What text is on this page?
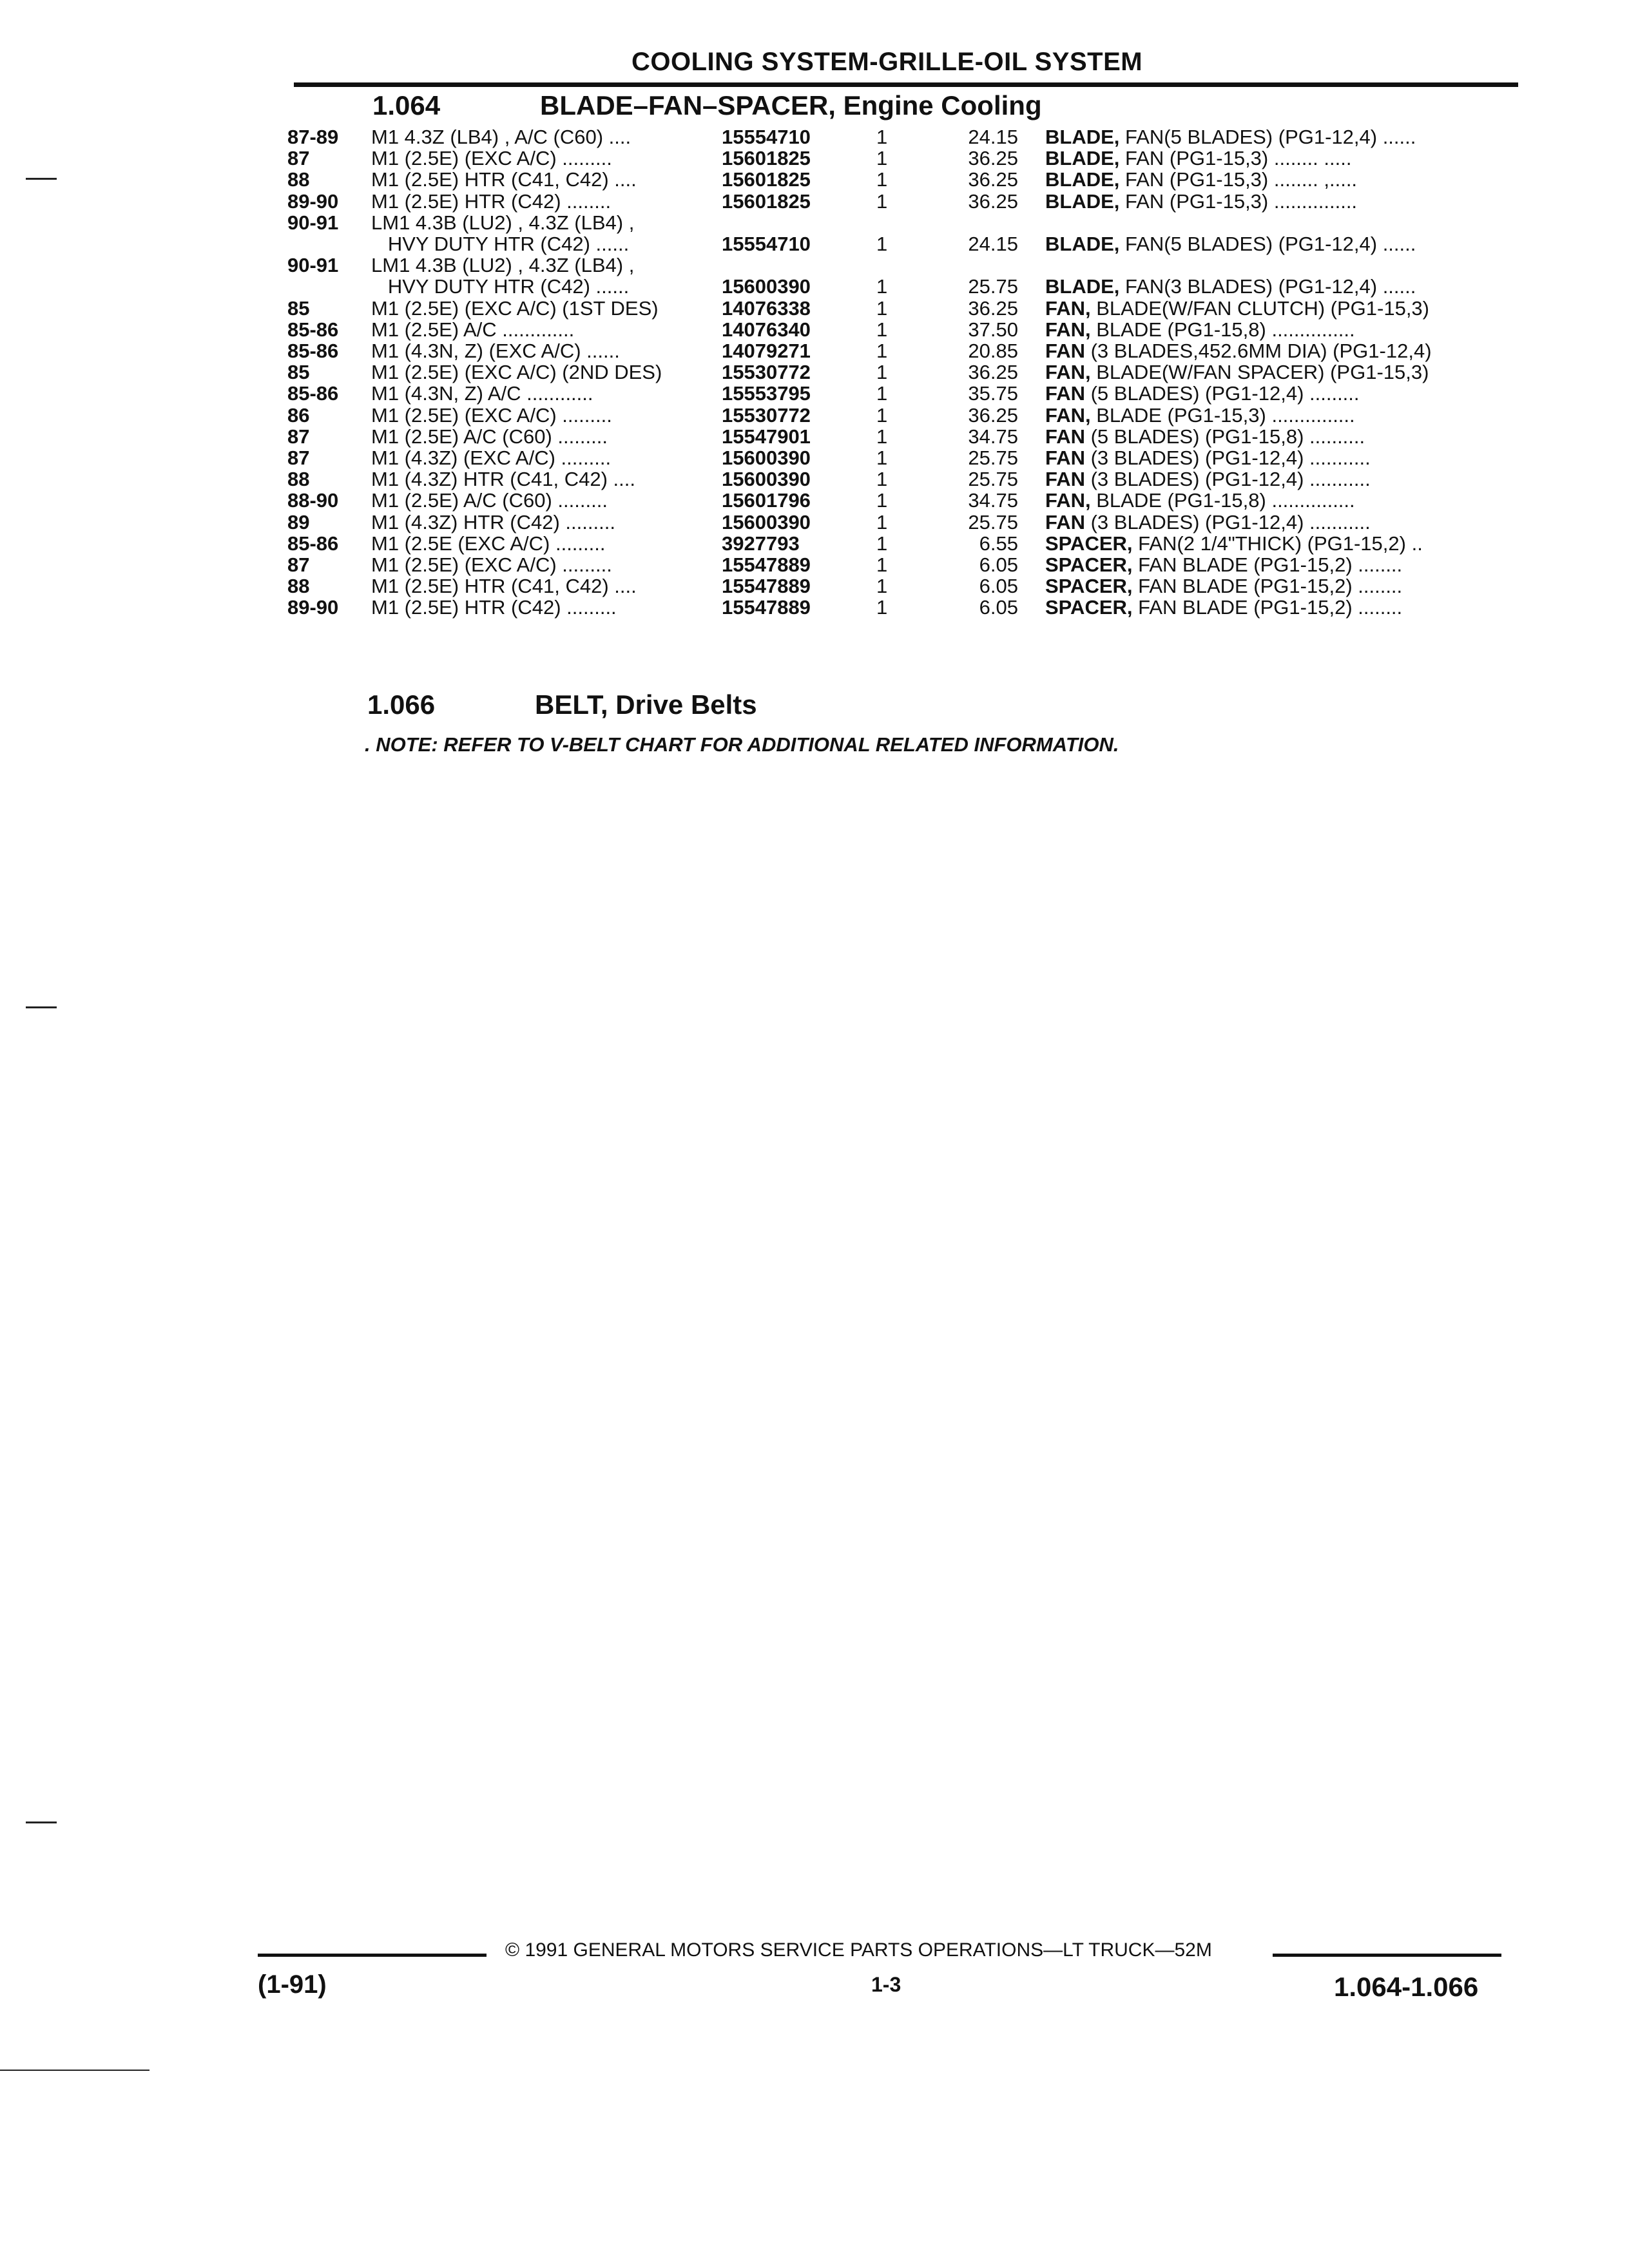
COOLING SYSTEM-GRILLE-OIL SYSTEM
1.064	BLADE–FAN–SPACER, Engine Cooling
87-89 M1 4.3Z (LB4) , A/C (C60) ....	15554710	1	24.15 BLADE, FAN(5 BLADES) (PG1-12,4) ......
87	M1 (2.5E) (EXC A/C) .........	15601825	1	36.25 BLADE, FAN (PG1-15,3) ........ .....
88	M1 (2.5E) HTR (C41, C42) ....	15601825	1	36.25 BLADE, FAN (PG1-15,3) ........ ,.....
89-90 M1 (2.5E) HTR (C42) ........	15601825	1	36.25 BLADE, FAN (PG1-15,3) ...............
90-91 LM1 4.3B (LU2) , 4.3Z (LB4) ,
HVY DUTY HTR (C42) ......	15554710	1	24.15 BLADE, FAN(5 BLADES) (PG1-12,4) ......
90-91 LM1 4.3B (LU2) , 4.3Z (LB4) ,
HVY DUTY HTR (C42) ......	15600390	1	25.75 BLADE, FAN(3 BLADES) (PG1-12,4) ......
85	M1 (2.5E) (EXC A/C) (1ST DES)	14076338	1	36.25 FAN, BLADE(W/FAN CLUTCH) (PG1-15,3)
85-86 M1 (2.5E) A/C .............	14076340	1	37.50 FAN, BLADE (PG1-15,8) ...............
85-86 M1 (4.3N, Z) (EXC A/C) ......	14079271	1	20.85 FAN (3 BLADES,452.6MM DIA) (PG1-12,4)
85	M1 (2.5E) (EXC A/C) (2ND DES)	15530772	1	36.25 FAN, BLADE(W/FAN SPACER) (PG1-15,3)
85-86 M1 (4.3N, Z) A/C ............	15553795	1	35.75 FAN (5 BLADES) (PG1-12,4) .........
86	M1 (2.5E) (EXC A/C) .........	15530772	1	36.25 FAN, BLADE (PG1-15,3) ...............
87	M1 (2.5E) A/C (C60) .........	15547901	1	34.75 FAN (5 BLADES) (PG1-15,8) ..........
87	M1 (4.3Z) (EXC A/C) .........	15600390	1	25.75 FAN (3 BLADES) (PG1-12,4) ...........
88	M1 (4.3Z) HTR (C41, C42) ....	15600390	1	25.75 FAN (3 BLADES) (PG1-12,4) ...........
88-90 M1 (2.5E) A/C (C60) .........	15601796	1	34.75 FAN, BLADE (PG1-15,8) ...............
89	M1 (4.3Z) HTR (C42) .........	15600390	1	25.75 FAN (3 BLADES) (PG1-12,4) ...........
85-86 M1 (2.5E (EXC A/C) .........	3927793	1	6.55 SPACER, FAN(2 1/4"THICK) (PG1-15,2) ..
87	M1 (2.5E) (EXC A/C) .........	15547889	1	6.05 SPACER, FAN BLADE (PG1-15,2) ........
88	M1 (2.5E) HTR (C41, C42) ....	15547889	1	6.05 SPACER, FAN BLADE (PG1-15,2) ........
89-90 M1 (2.5E) HTR (C42) .........	15547889	1	6.05 SPACER, FAN BLADE (PG1-15,2) ........
1.066	BELT, Drive Belts
. NOTE: REFER TO V-BELT CHART FOR ADDITIONAL RELATED INFORMATION.
© 1991 GENERAL MOTORS SERVICE PARTS OPERATIONS—LT TRUCK—52M
(1-91)	1-3	1.064-1.066
